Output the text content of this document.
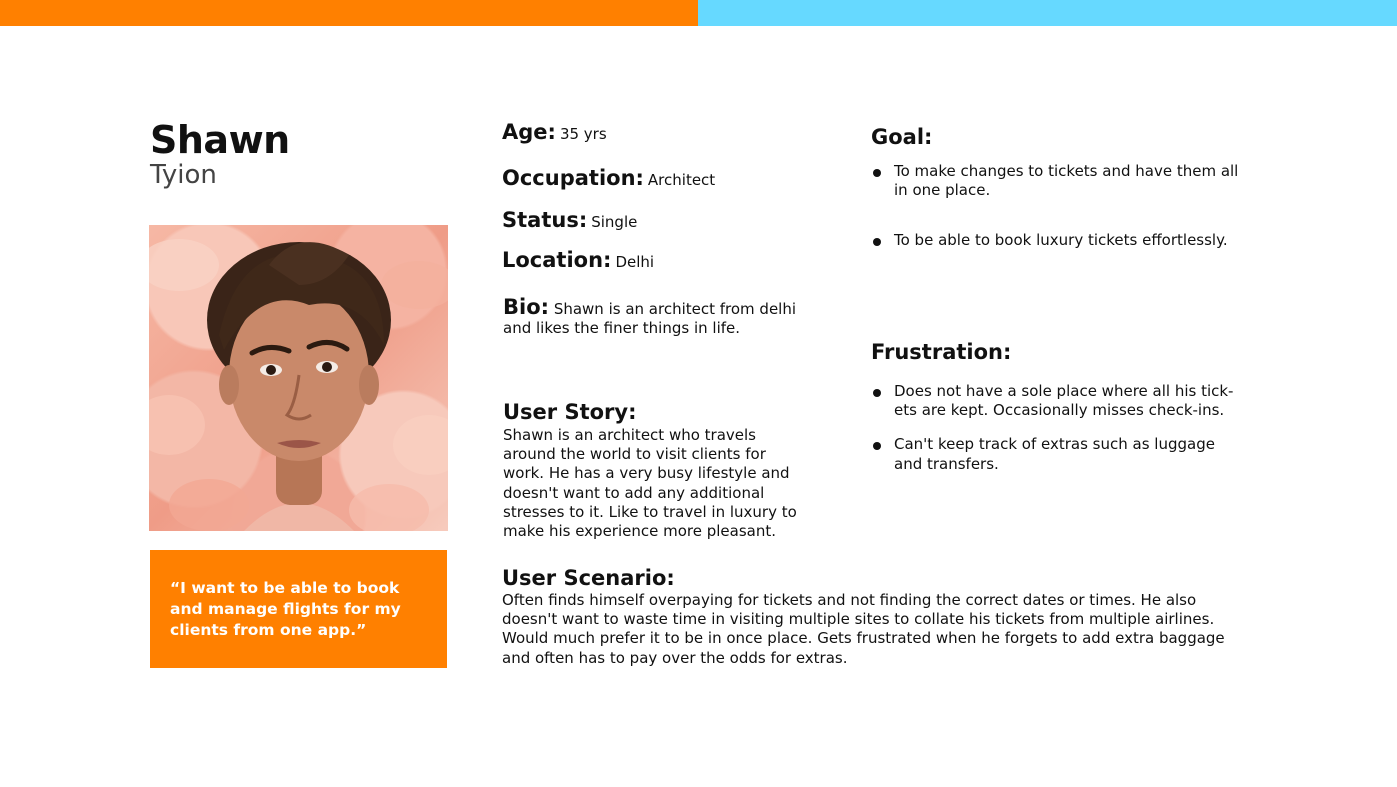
Shawn
Tyion
“I want to be able to book and manage flights for my clients from one app.”
Age: 35 yrs
Occupation: Architect
Status: Single
Location: Delhi
Bio: Shawn is an architect from delhi and likes the finer things in life.
User Story:
Shawn is an architect who travels around the world to visit clients for work. He has a very busy lifestyle and doesn't want to add any additional stresses to it. Like to travel in luxury to make his experience more pleasant.
User Scenario:
Often finds himself overpaying for tickets and not finding the correct dates or times. He also doesn't want to waste time in visiting multiple sites to collate his tickets from multiple airlines. Would much prefer it to be in once place. Gets frustrated when he forgets to add extra baggage and often has to pay over the odds for extras.
Goal:
To make changes to tickets and have them all in one place.
To be able to book luxury tickets effortlessly.
Frustration:
Does not have a sole place where all his tick-ets are kept. Occasionally misses check-ins.
Can't keep track of extras such as luggage and transfers.
